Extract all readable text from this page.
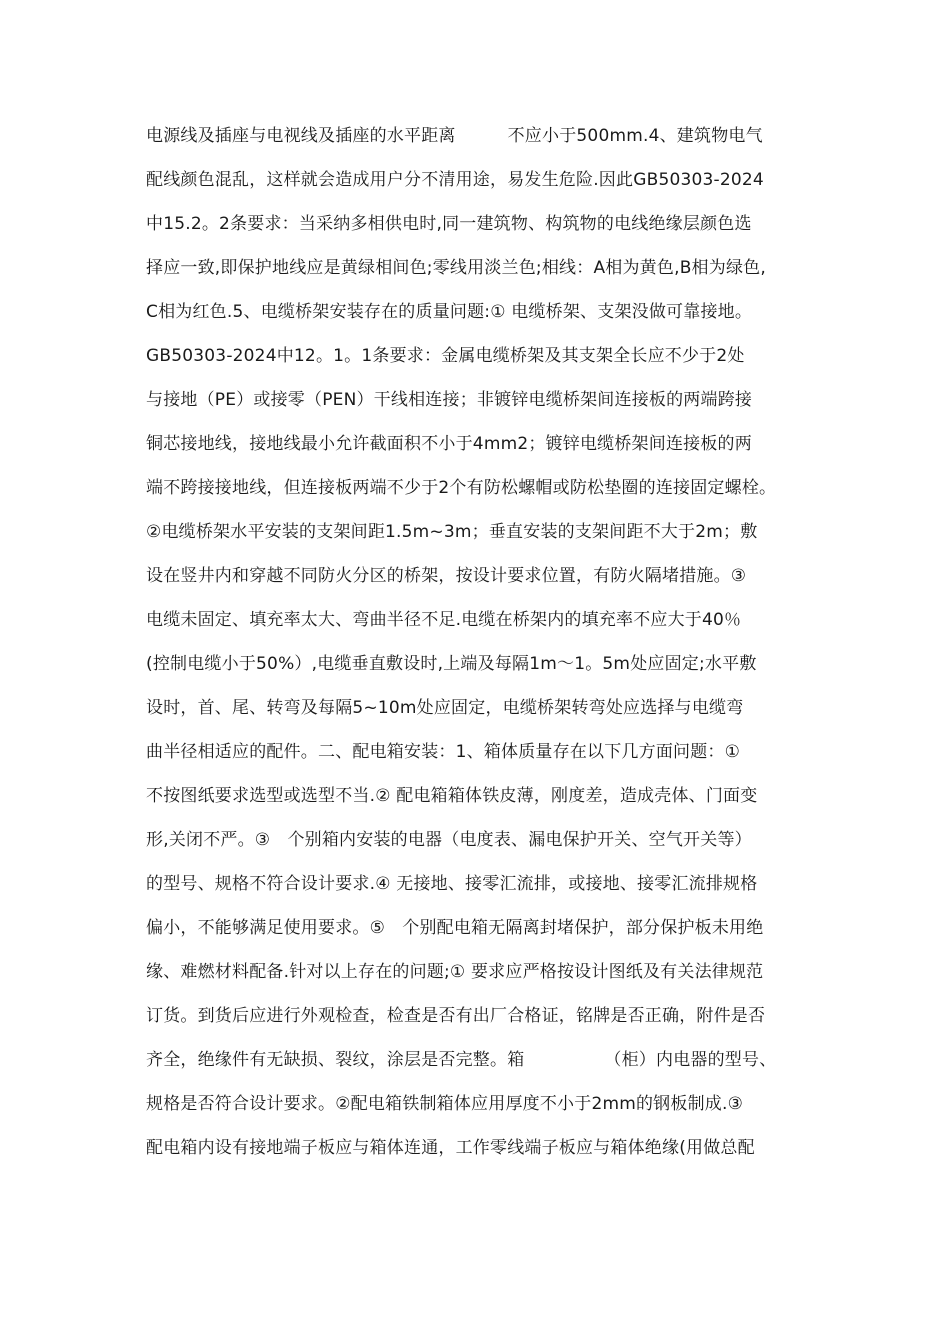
电源线及插座与电视线及插座的水平距离	不应小于500mm.4、建筑物电气
配线颜色混乱，这样就会造成用户分不清用途，易发生危险.因此GB50303-2024
中15.2。2条要求：当采纳多相供电时,同一建筑物、构筑物的电线绝缘层颜色选
择应一致,即保护地线应是黄绿相间色;零线用淡兰色;相线：A相为黄色,B相为绿色,
C相为红色.5、电缆桥架安装存在的质量问题:① 电缆桥架、支架没做可靠接地。
GB50303-2024中12。1。1条要求：金属电缆桥架及其支架全长应不少于2处
与接地（PE）或接零（PEN）干线相连接；非镀锌电缆桥架间连接板的两端跨接
铜芯接地线，接地线最小允许截面积不小于4mm2；镀锌电缆桥架间连接板的两
端不跨接接地线，但连接板两端不少于2个有防松螺帽或防松垫圈的连接固定螺栓。
②电缆桥架水平安装的支架间距1.5m~3m；垂直安装的支架间距不大于2m；敷
设在竖井内和穿越不同防火分区的桥架，按设计要求位置，有防火隔堵措施。③
电缆未固定、填充率太大、弯曲半径不足.电缆在桥架内的填充率不应大于40％
(控制电缆小于50%）,电缆垂直敷设时,上端及每隔1m～1。5m处应固定;水平敷
设时，首、尾、转弯及每隔5~10m处应固定，电缆桥架转弯处应选择与电缆弯
曲半径相适应的配件。二、配电箱安装：1、箱体质量存在以下几方面问题：①
不按图纸要求选型或选型不当.② 配电箱箱体铁皮薄，刚度差，造成壳体、门面变
形,关闭不严。③　个别箱内安装的电器（电度表、漏电保护开关、空气开关等）
的型号、规格不符合设计要求.④ 无接地、接零汇流排，或接地、接零汇流排规格
偏小，不能够满足使用要求。⑤　个别配电箱无隔离封堵保护，部分保护板未用绝
缘、难燃材料配备.针对以上存在的问题;① 要求应严格按设计图纸及有关法律规范
订货。到货后应进行外观检查，检查是否有出厂合格证，铭牌是否正确，附件是否
齐全，绝缘件有无缺损、裂纹，涂层是否完整。箱	（柜）内电器的型号、
规格是否符合设计要求。②配电箱铁制箱体应用厚度不小于2mm的钢板制成.③
配电箱内设有接地端子板应与箱体连通，工作零线端子板应与箱体绝缘(用做总配
